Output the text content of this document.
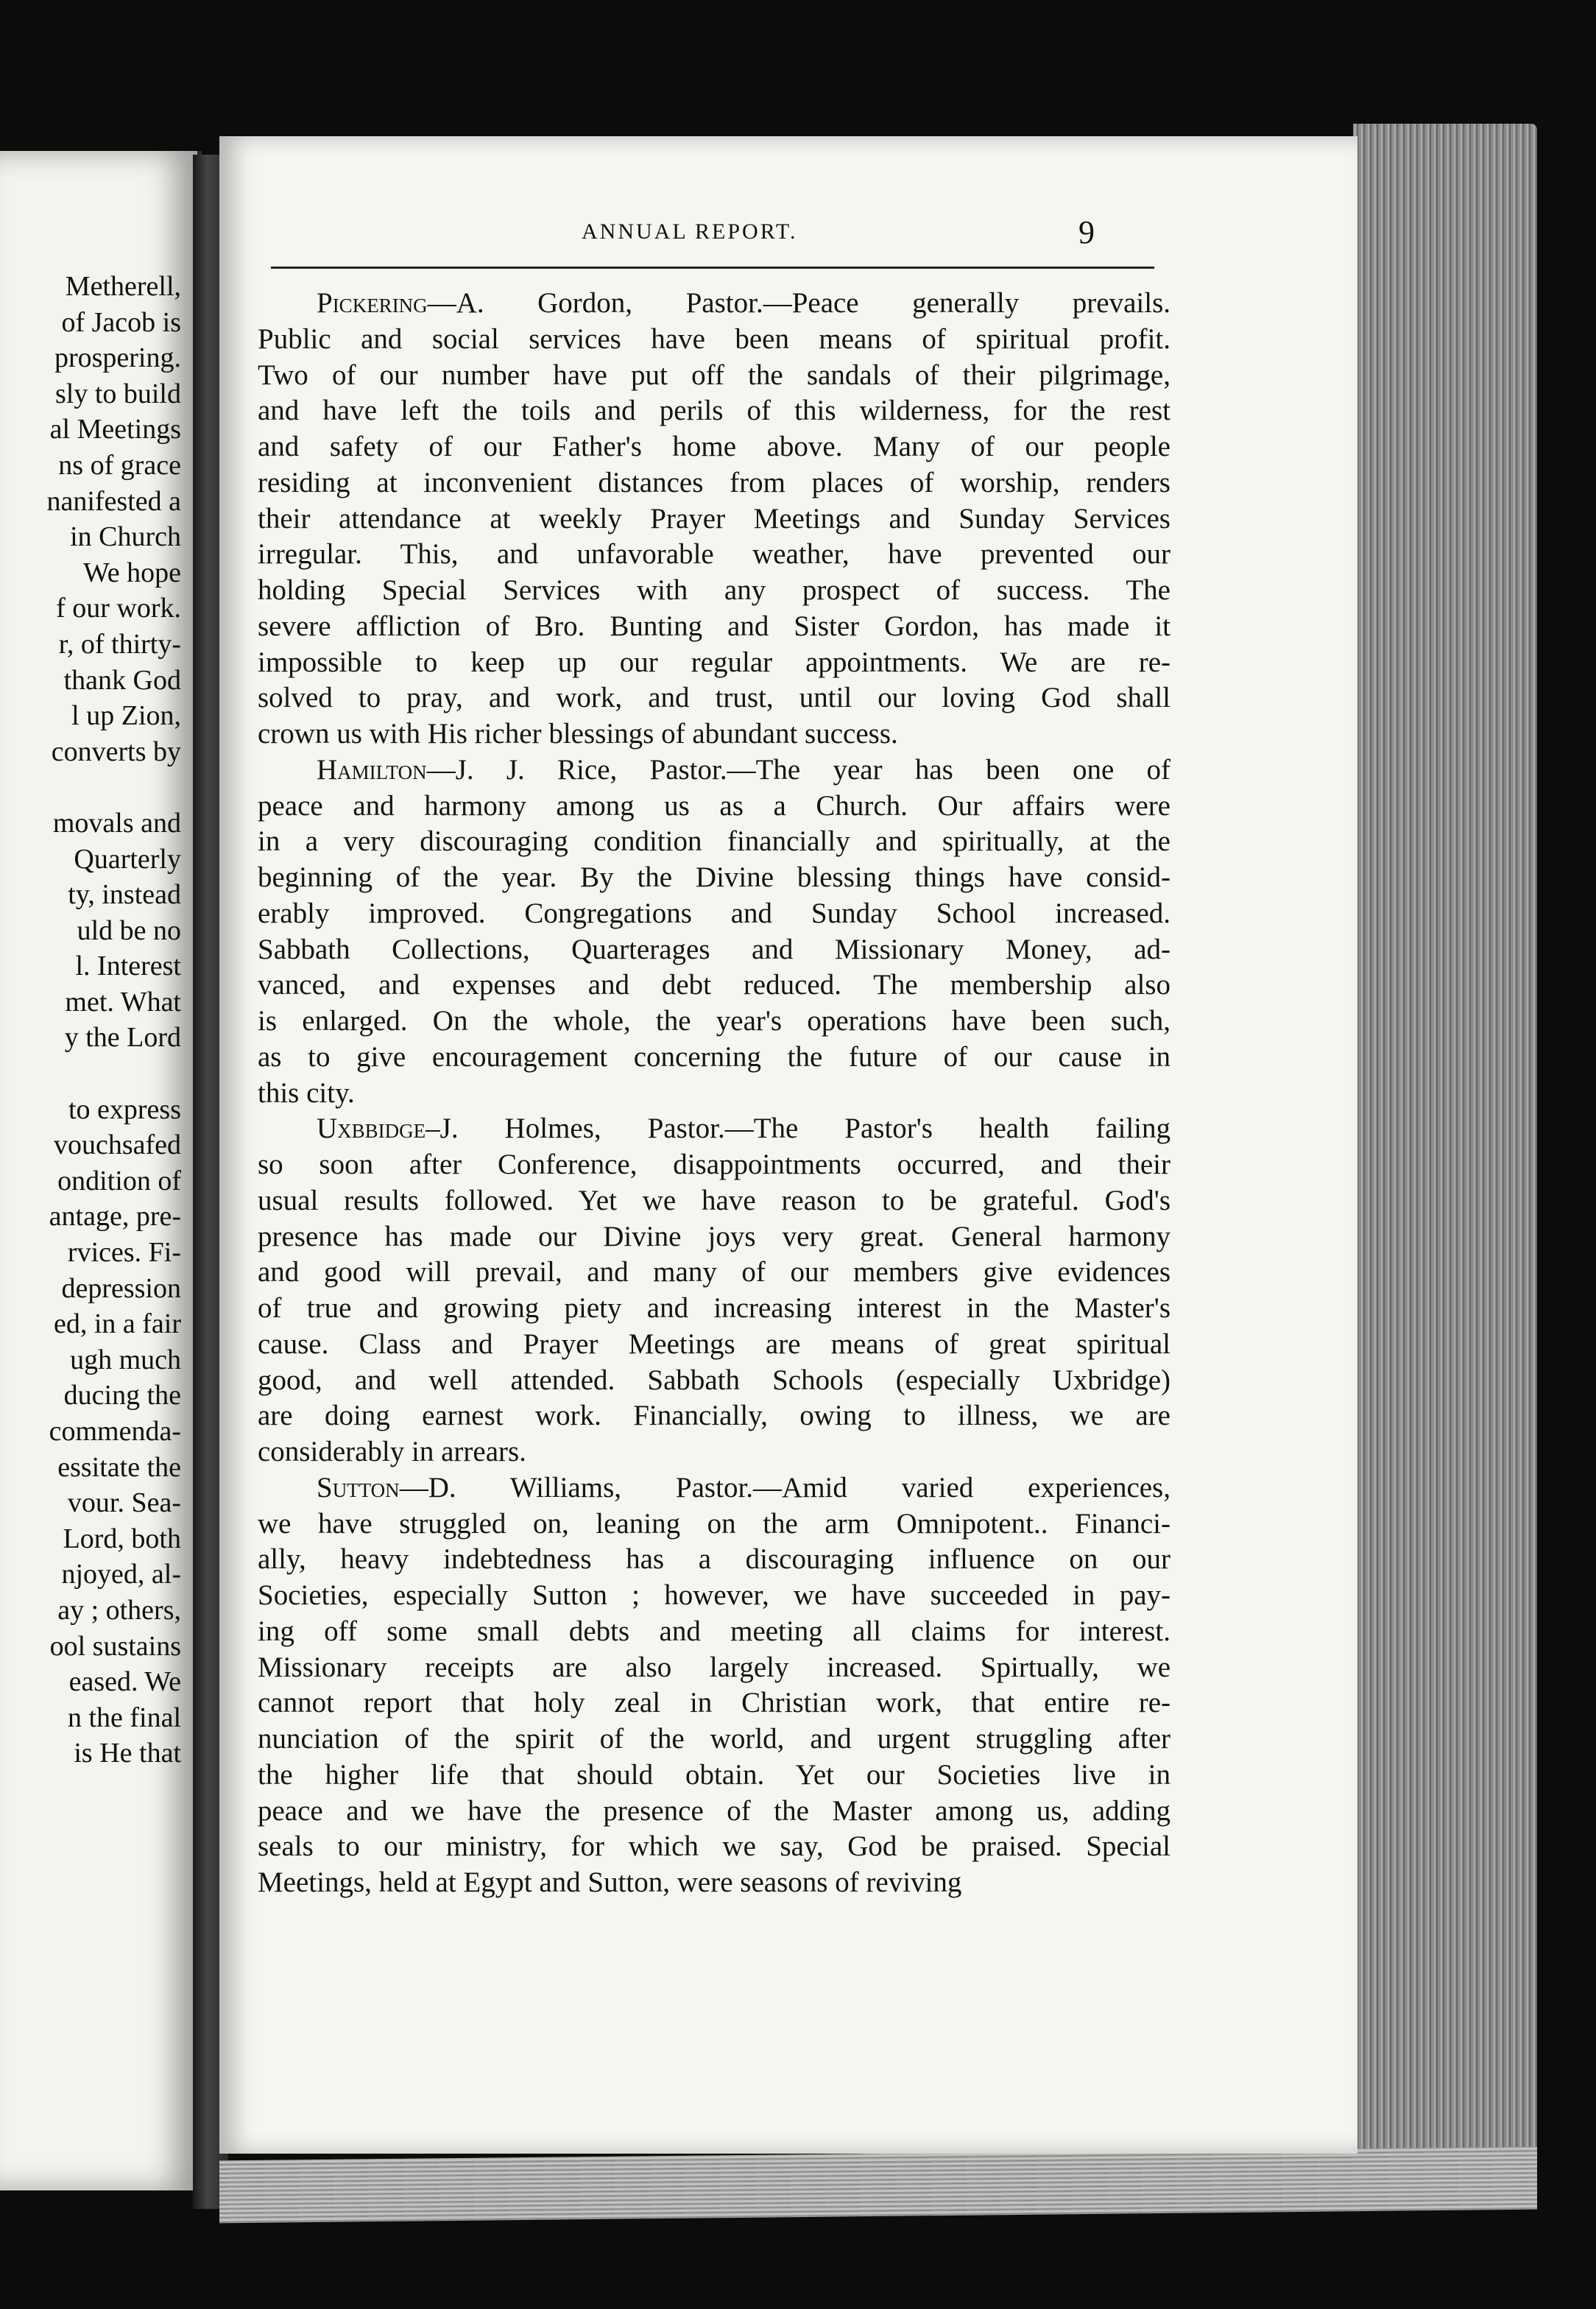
Metherell,
of Jacob is
prospering.
sly to build
al Meetings
ns of grace
nanifested a
in Church
We hope
f our work.
r, of thirty-
thank God
l up Zion,
converts by
movals and
Quarterly
ty, instead
uld be no
l. Interest
met. What
y the Lord
to express
vouchsafed
ondition of
antage, pre-
rvices. Fi-
depression
ed, in a fair
ugh much
ducing the
commenda-
essitate the
vour. Sea-
Lord, both
njoyed, al-
ay ; others,
ool sustains
eased. We
n the final
is He that
ANNUAL REPORT.	9
Pickering—A. Gordon, Pastor.—Peace generally prevails.
Public and social services have been means of spiritual profit.
Two of our number have put off the sandals of their pilgrimage,
and have left the toils and perils of this wilderness, for the rest
and safety of our Father's home above. Many of our people
residing at inconvenient distances from places of worship, renders
their attendance at weekly Prayer Meetings and Sunday Services
irregular. This, and unfavorable weather, have prevented our
holding Special Services with any prospect of success. The
severe affliction of Bro. Bunting and Sister Gordon, has made it
impossible to keep up our regular appointments. We are re-
solved to pray, and work, and trust, until our loving God shall
crown us with His richer blessings of abundant success.
Hamilton—J. J. Rice, Pastor.—The year has been one of
peace and harmony among us as a Church. Our affairs were
in a very discouraging condition financially and spiritually, at the
beginning of the year. By the Divine blessing things have consid-
erably improved. Congregations and Sunday School increased.
Sabbath Collections, Quarterages and Missionary Money, ad-
vanced, and expenses and debt reduced. The membership also
is enlarged. On the whole, the year's operations have been such,
as to give encouragement concerning the future of our cause in
this city.
Uxbbidge–J. Holmes, Pastor.—The Pastor's health failing
so soon after Conference, disappointments occurred, and their
usual results followed. Yet we have reason to be grateful. God's
presence has made our Divine joys very great. General harmony
and good will prevail, and many of our members give evidences
of true and growing piety and increasing interest in the Master's
cause. Class and Prayer Meetings are means of great spiritual
good, and well attended. Sabbath Schools (especially Uxbridge)
are doing earnest work. Financially, owing to illness, we are
considerably in arrears.
Sutton—D. Williams, Pastor.—Amid varied experiences,
we have struggled on, leaning on the arm Omnipotent.. Financi-
ally, heavy indebtedness has a discouraging influence on our
Societies, especially Sutton ; however, we have succeeded in pay-
ing off some small debts and meeting all claims for interest.
Missionary receipts are also largely increased. Spirtually, we
cannot report that holy zeal in Christian work, that entire re-
nunciation of the spirit of the world, and urgent struggling after
the higher life that should obtain. Yet our Societies live in
peace and we have the presence of the Master among us, adding
seals to our ministry, for which we say, God be praised. Special
Meetings, held at Egypt and Sutton, were seasons of reviving
